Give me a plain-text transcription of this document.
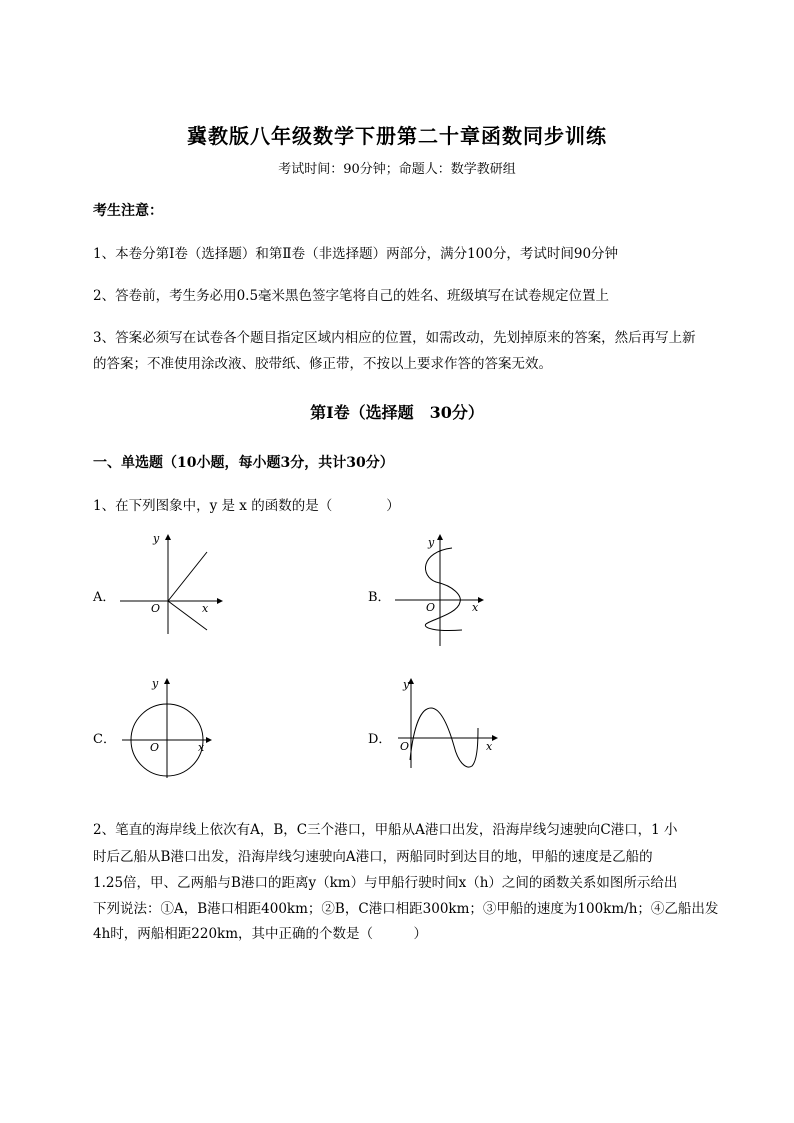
冀教版八年级数学下册第二十章函数同步训练
考试时间：90分钟；命题人：数学教研组
考生注意：
1、本卷分第Ⅰ卷（选择题）和第Ⅱ卷（非选择题）两部分，满分100分，考试时间90分钟
2、答卷前，考生务必用0.5毫米黑色签字笔将自己的姓名、班级填写在试卷规定位置上
3、答案必须写在试卷各个题目指定区域内相应的位置，如需改动，先划掉原来的答案，然后再写上新
的答案；不准使用涂改液、胶带纸、修正带，不按以上要求作答的答案无效。
第Ⅰ卷（选择题　30分）
一、单选题（10小题，每小题3分，共计30分）
1、在下列图象中，y 是 x 的函数的是（　　　　）
A．
y
x
O
B．
y
x
O
C．
y
x
O
D．
y
x
O
2、笔直的海岸线上依次有A，B，C三个港口，甲船从A港口出发，沿海岸线匀速驶向C港口，1 小
时后乙船从B港口出发，沿海岸线匀速驶向A港口，两船同时到达目的地，甲船的速度是乙船的
1.25倍，甲、乙两船与B港口的距离y（km）与甲船行驶时间x（h）之间的函数关系如图所示给出
下列说法：①A，B港口相距400km；②B，C港口相距300km；③甲船的速度为100km/h；④乙船出发
4h时，两船相距220km，其中正确的个数是（　　　）
